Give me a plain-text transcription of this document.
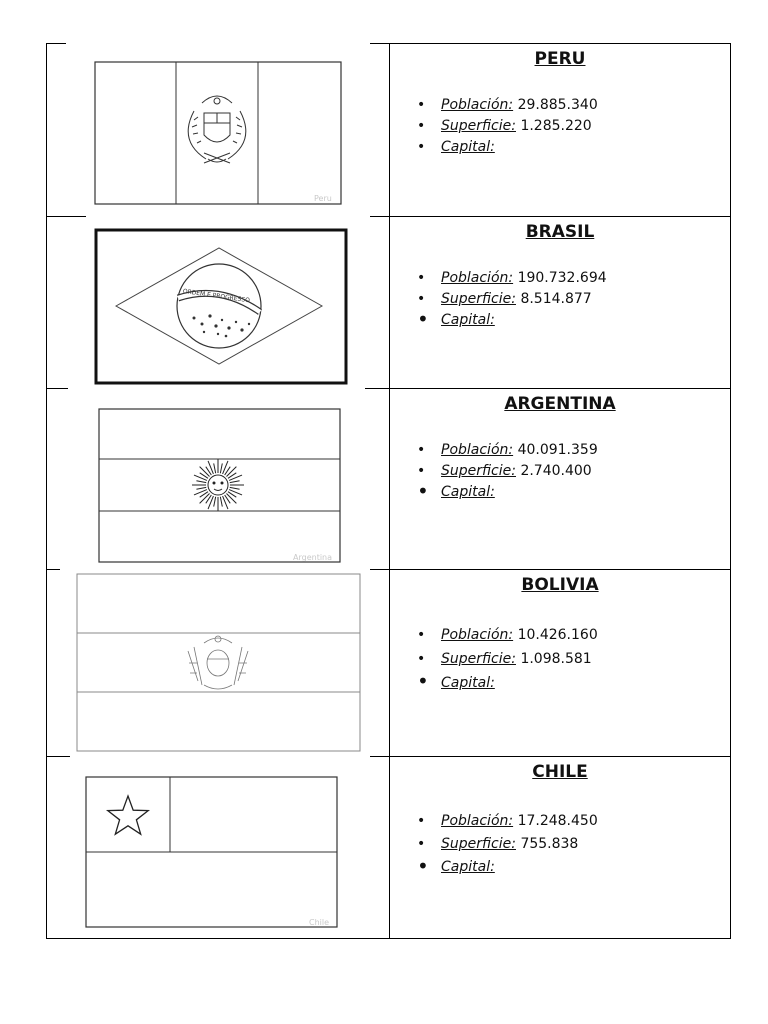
Peru
PERU
• Población: 29.885.340
• Superficie: 1.285.220
• Capital:
ORDEM E PROGRESSO
BRASIL
• Población: 190.732.694
• Superficie: 8.514.877
• Capital:
Argentina
ARGENTINA
• Población: 40.091.359
• Superficie: 2.740.400
• Capital:
BOLIVIA
• Población: 10.426.160
• Superficie: 1.098.581
• Capital:
Chile
CHILE
• Población: 17.248.450
• Superficie: 755.838
• Capital:
